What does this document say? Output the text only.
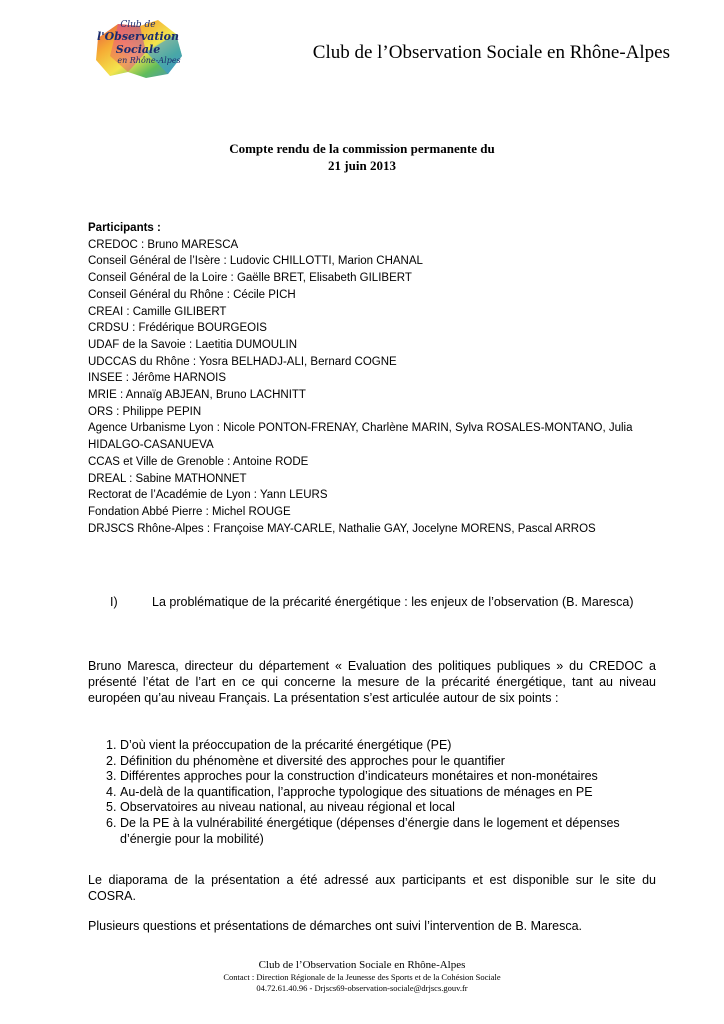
Club de
l'Observation Sociale
en Rhône-Alpes	Club de l’Observation Sociale en Rhône-Alpes
Compte rendu de la commission permanente du
21 juin 2013
Participants :
CREDOC : Bruno MARESCA
Conseil Général de l’Isère : Ludovic CHILLOTTI, Marion CHANAL
Conseil Général de la Loire : Gaëlle BRET, Elisabeth GILIBERT
Conseil Général du Rhône : Cécile PICH
CREAI : Camille GILIBERT
CRDSU : Frédérique BOURGEOIS
UDAF de la Savoie : Laetitia DUMOULIN
UDCCAS du Rhône : Yosra BELHADJ-ALI, Bernard COGNE
INSEE : Jérôme HARNOIS
MRIE : Annaïg ABJEAN, Bruno LACHNITT
ORS : Philippe PEPIN
Agence Urbanisme Lyon : Nicole PONTON-FRENAY, Charlène MARIN, Sylva ROSALES-MONTANO, Julia HIDALGO-CASANUEVA
CCAS et Ville de Grenoble : Antoine RODE
DREAL : Sabine MATHONNET
Rectorat de l’Académie de Lyon : Yann LEURS
Fondation Abbé Pierre : Michel ROUGE
DRJSCS Rhône-Alpes : Françoise MAY-CARLE, Nathalie GAY, Jocelyne MORENS, Pascal ARROS
I)	La problématique de la précarité énergétique : les enjeux de l’observation (B. Maresca)
Bruno Maresca, directeur du département « Evaluation des politiques publiques » du CREDOC a présenté l’état de l’art en ce qui concerne la mesure de la précarité énergétique, tant au niveau européen qu’au niveau Français. La présentation s’est articulée autour de six points :
1. D’où vient la préoccupation de la précarité énergétique (PE)
2. Définition du phénomène et diversité des approches pour le quantifier
3. Différentes approches pour la construction d’indicateurs monétaires et non-monétaires
4. Au-delà de la quantification, l’approche typologique des situations de ménages en PE
5. Observatoires au niveau national, au niveau régional et local
6. De la PE à la vulnérabilité énergétique (dépenses d’énergie dans le logement et dépenses d’énergie pour la mobilité)
Le diaporama de la présentation a été adressé aux participants et est disponible sur le site du COSRA.
Plusieurs questions et présentations de démarches ont suivi l’intervention de B. Maresca.
Club de l’Observation Sociale en Rhône-Alpes
Contact : Direction Régionale de la Jeunesse des Sports et de la Cohésion Sociale
04.72.61.40.96 - Drjscs69-observation-sociale@drjscs.gouv.fr
